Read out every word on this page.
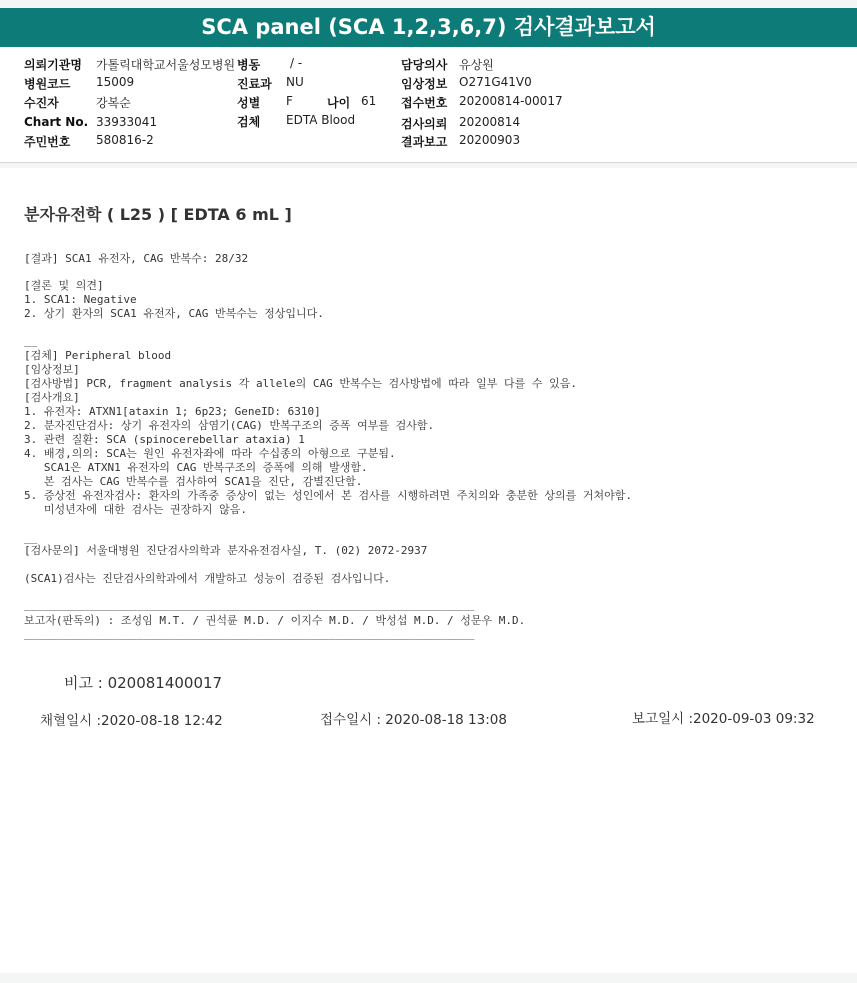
SCA panel (SCA 1,2,3,6,7) 검사결과보고서
의뢰기관명 가톨릭대학교서울성모병원 병동 / -	담당의사 유상원
병원코드 15009	진료과 NU	임상정보 O271G41V0
수진자	강복순	성별 F	나이 61 접수번호 20200814-00017
Chart No. 33933041	검체 EDTA Blood	검사의뢰 20200814
주민번호 580816-2	결과보고 20200903
분자유전학 ( L25 ) [ EDTA 6 mL ]
[결과] SCA1 유전자, CAG 반복수: 28/32
[결론 및 의견]
1. SCA1: Negative
2. 상기 환자의 SCA1 유전자, CAG 반복수는 정상입니다.
__
[검체] Peripheral blood
[임상정보]
[검사방법] PCR, fragment analysis 각 allele의 CAG 반복수는 검사방법에 따라 일부 다를 수 있음.
[검사개요]
1. 유전자: ATXN1[ataxin 1; 6p23; GeneID: 6310]
2. 분자진단검사: 상기 유전자의 삼염기(CAG) 반복구조의 증폭 여부를 검사함.
3. 관련 질환: SCA (spinocerebellar ataxia) 1
4. 배경,의의: SCA는 원인 유전자좌에 따라 수십종의 아형으로 구분됨.
SCA1은 ATXN1 유전자의 CAG 반복구조의 증폭에 의해 발생함.
본 검사는 CAG 반복수를 검사하여 SCA1을 진단, 감별진단함.
5. 증상전 유전자검사: 환자의 가족중 증상이 없는 성인에서 본 검사를 시행하려면 주치의와 충분한 상의를 거쳐야함.
미성년자에 대한 검사는 권장하지 않음.
__
[검사문의] 서울대병원 진단검사의학과 분자유전검사실, T. (02) 2072-2937
(SCA1)검사는 진단검사의학과에서 개발하고 성능이 검증된 검사입니다.
____________________________________________________________________
보고자(판독의) : 조성임 M.T. / 권석륜 M.D. / 이지수 M.D. / 박성섭 M.D. / 성문우 M.D.
____________________________________________________________________
비고 : 020081400017
채혈일시 :2020-08-18 12:42	접수일시 : 2020-08-18 13:08	보고일시 :2020-09-03 09:32
